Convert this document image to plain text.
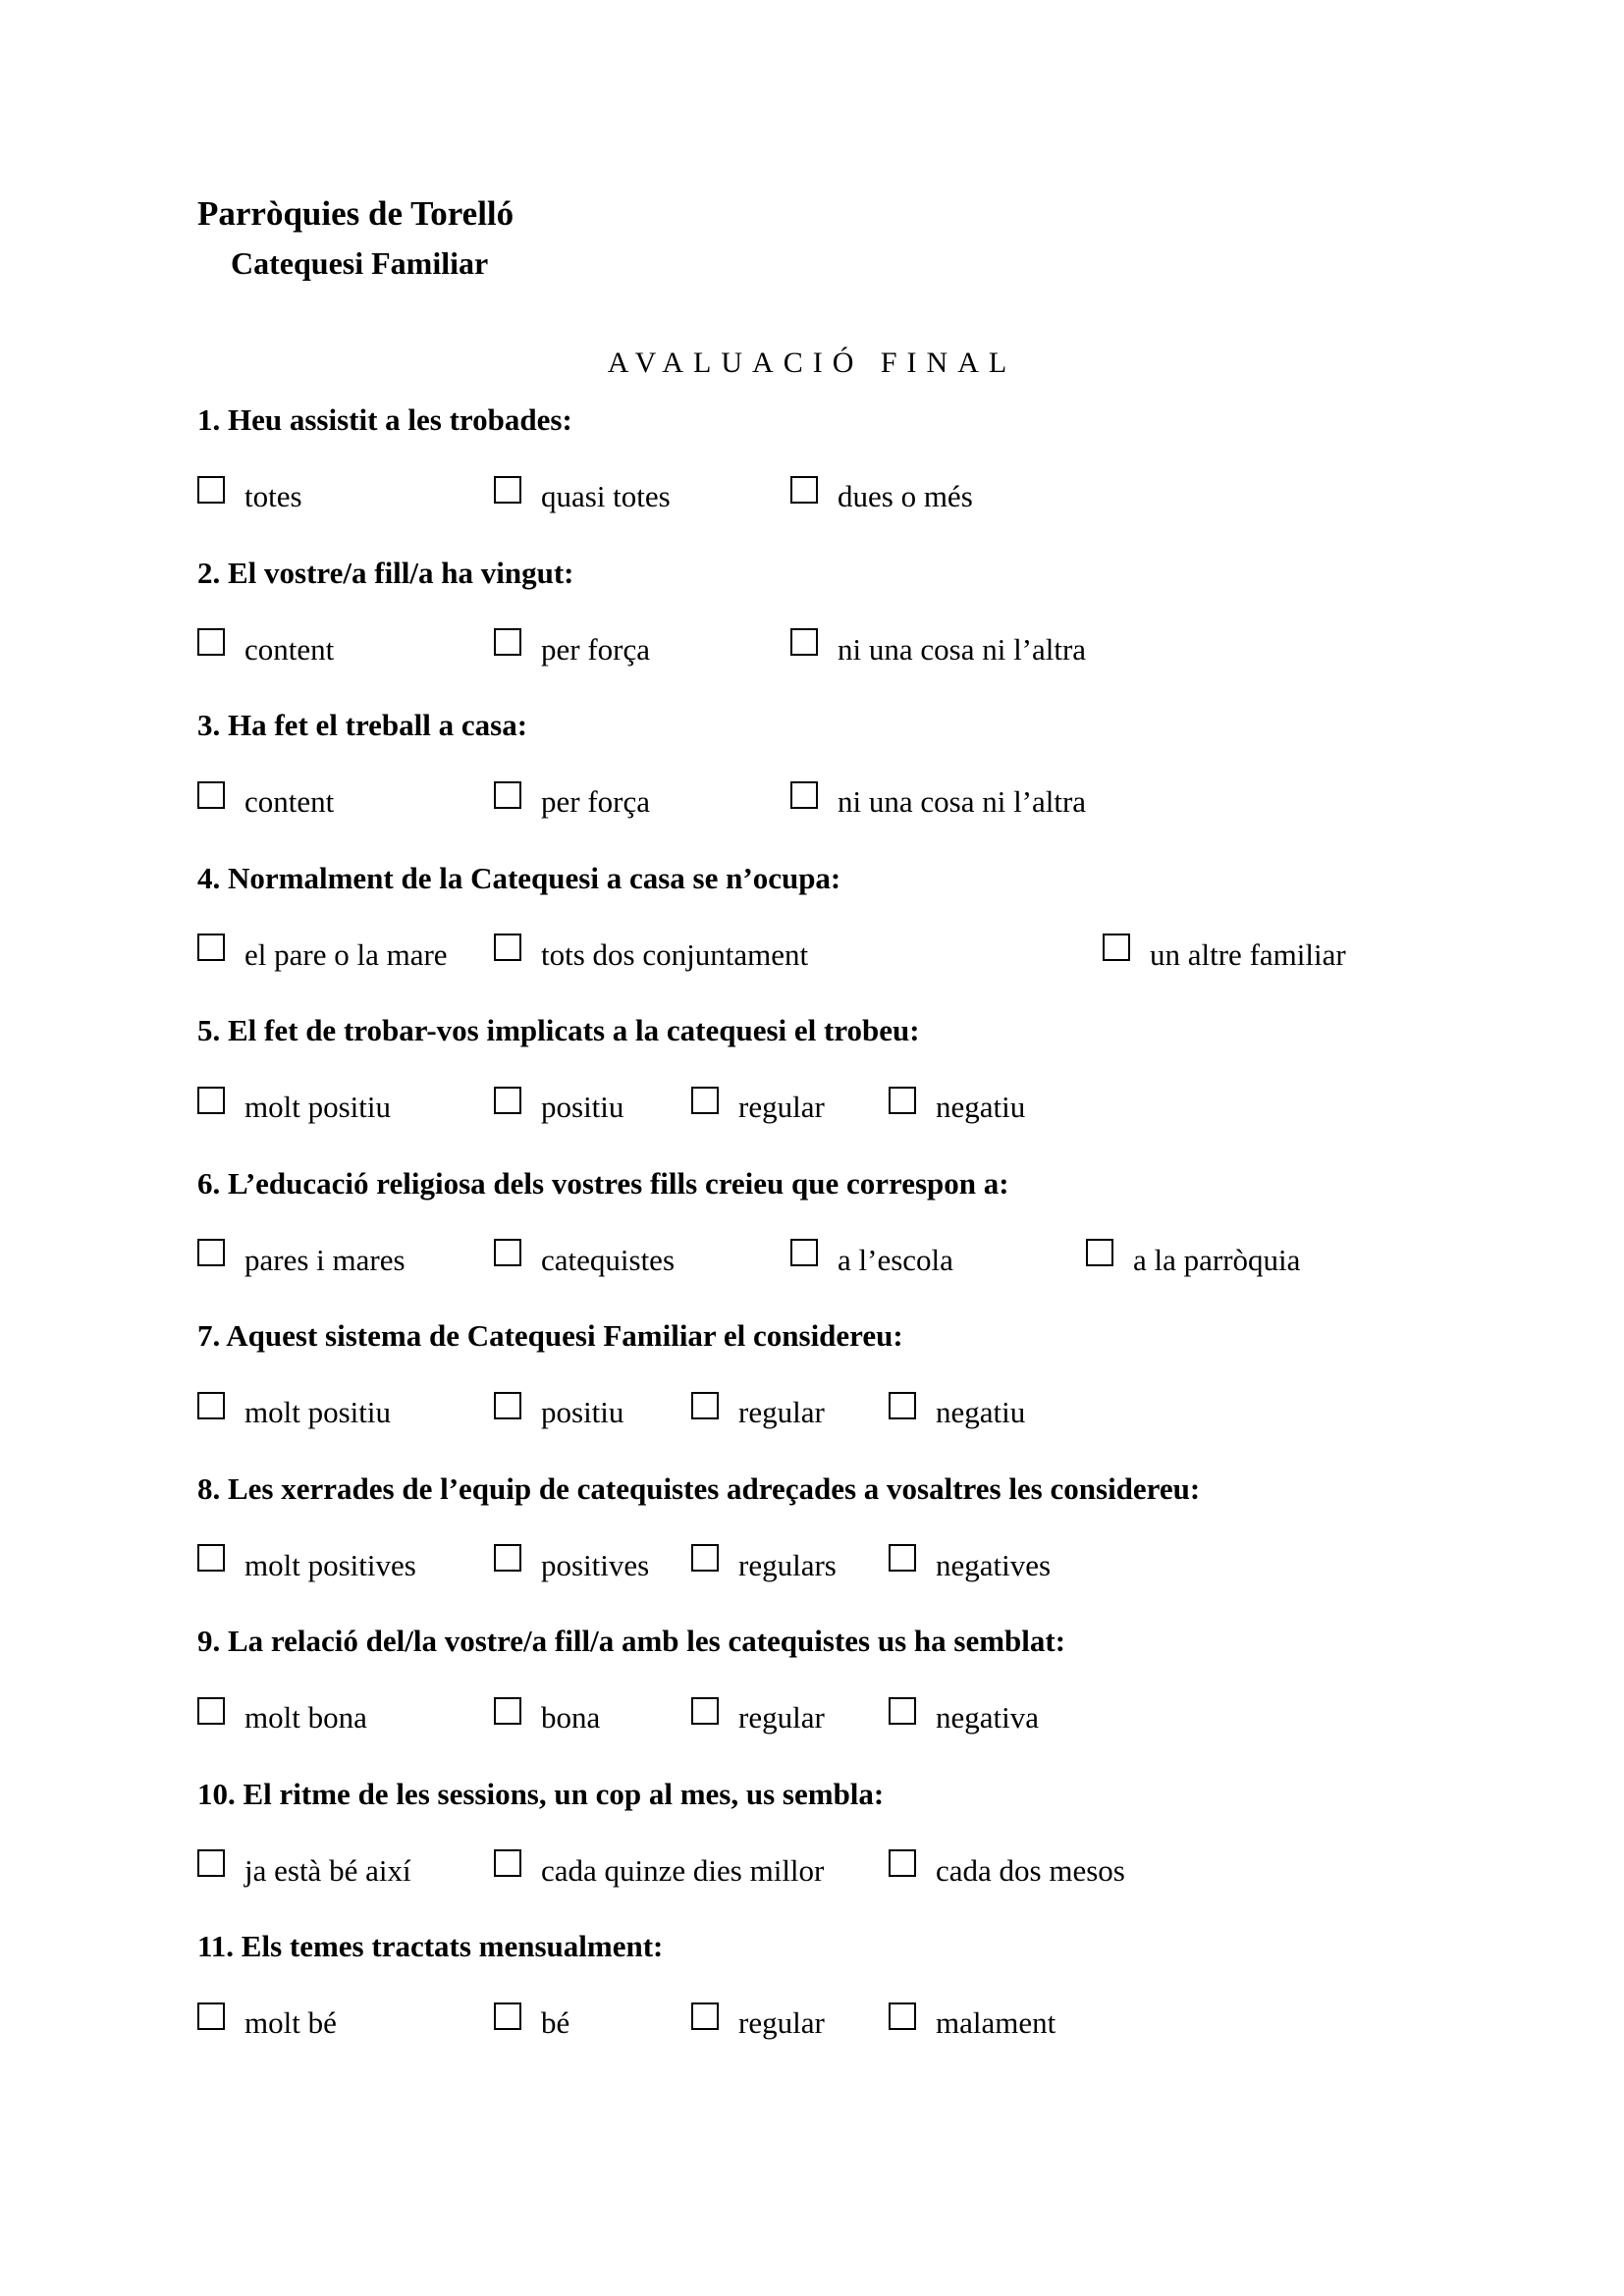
Parròquies de Torelló
Catequesi Familiar
AVALUACIÓ FINAL
1. Heu assistit a les trobades:
totes	quasi totes	dues o més
2. El vostre/a fill/a ha vingut:
content	per força	ni una cosa ni l’altra
3. Ha fet el treball a casa:
content	per força	ni una cosa ni l’altra
4. Normalment de la Catequesi a casa se n’ocupa:
el pare o la mare	tots dos conjuntament	un altre familiar
5. El fet de trobar-vos implicats a la catequesi el trobeu:
molt positiu	positiu	regular	negatiu
6. L’educació religiosa dels vostres fills creieu que correspon a:
pares i mares	catequistes	a l’escola	a la parròquia
7. Aquest sistema de Catequesi Familiar el considereu:
molt positiu	positiu	regular	negatiu
8. Les xerrades de l’equip de catequistes adreçades a vosaltres les considereu:
molt positives	positives	regulars	negatives
9. La relació del/la vostre/a fill/a amb les catequistes us ha semblat:
molt bona	bona	regular	negativa
10. El ritme de les sessions, un cop al mes, us sembla:
ja està bé així	cada quinze dies millor	cada dos mesos
11. Els temes tractats mensualment:
molt bé	bé	regular	malament
